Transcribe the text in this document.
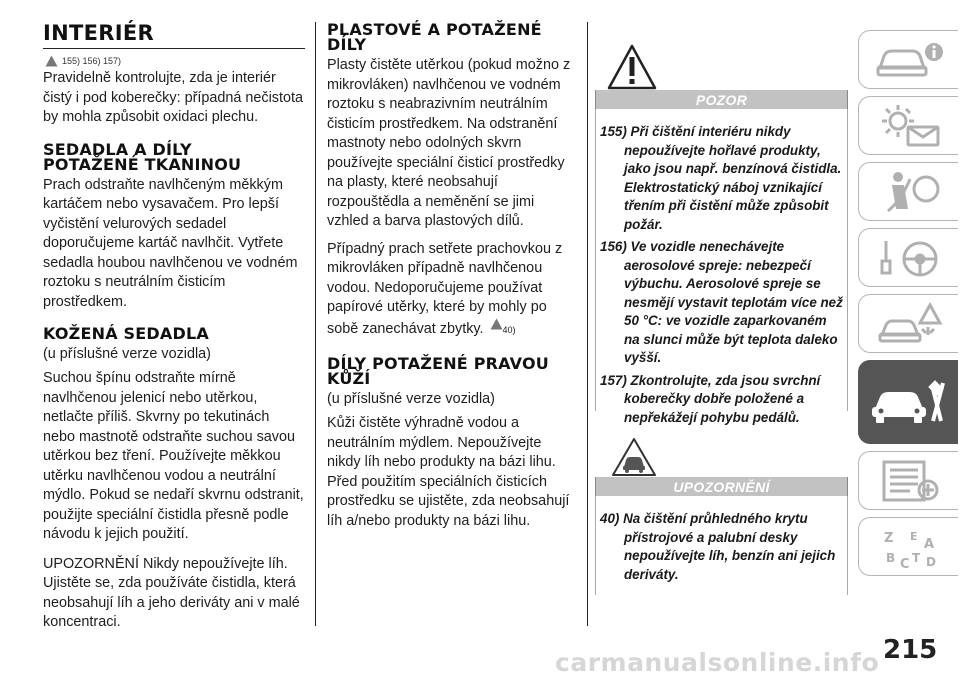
INTERIÉR
155) 156) 157)

Pravidelně kontrolujte, zda je interiér čistý i pod koberečky: případná nečistota by mohla způsobit oxidaci plechu.

SEDADLA A DÍLY
POTAŽENÉ TKANINOU

Prach odstraňte navlhčeným měkkým kartáčem nebo vysavačem. Pro lepší vyčistění velurových sedadel doporučujeme kartáč navlhčit. Vytřete sedadla houbou navlhčenou ve vodném roztoku s neutrálním čisticím prostředkem.

KOŽENÁ SEDADLA

(u příslušné verze vozidla)

Suchou špínu odstraňte mírně navlhčenou jelenicí nebo utěrkou, netlačte příliš. Skvrny po tekutinách nebo mastnotě odstraňte suchou savou utěrkou bez tření. Používejte měkkou utěrku navlhčenou vodou a neutrální mýdlo. Pokud se nedaří skvrnu odstranit, použijte speciální čistidla přesně podle návodu k jejich použití.

UPOZORNĚNÍ Nikdy nepoužívejte líh. Ujistěte se, zda používáte čistidla, která neobsahují líh a jeho deriváty ani v malé koncentraci.

PLASTOVÉ A POTAŽENÉ
DÍLY

Plasty čistěte utěrkou (pokud možno z mikrovláken) navlhčenou ve vodném roztoku s neabrazivním neutrálním čisticím prostředkem. Na odstranění mastnoty nebo odolných skvrn používejte speciální čisticí prostředky na plasty, které neobsahují rozpouštědla a neměnění se jimi vzhled a barva plastových dílů.

Případný prach setřete prachovkou z mikrovláken případně navlhčenou vodou. Nedoporučujeme používat papírové utěrky, které by mohly po sobě zanechávat zbytky. 40)

DÍLY POTAŽENÉ PRAVOU
KŮŽÍ

(u příslušné verze vozidla)

Kůži čistěte výhradně vodou a neutrálním mýdlem. Nepoužívejte nikdy líh nebo produkty na bázi lihu. Před použitím speciálních čisticích prostředku se ujistěte, zda neobsahují líh a/nebo produkty na bázi lihu.

POZOR

155) Při čištění interiéru nikdy nepoužívejte hořlavé produkty, jako jsou např. benzínová čistidla. Elektrostatický náboj vznikající třením při čistění může způsobit požár.

156) Ve vozidle nenechávejte aerosolové spreje: nebezpečí výbuchu. Aerosolové spreje se nesmějí vystavit teplotám více než 50 °C: ve vozidle zaparkovaném na slunci může být teplota daleko vyšší.

157) Zkontrolujte, zda jsou svrchní koberečky dobře položené a nepřekážejí pohybu pedálů.

UPOZORNĚNÍ

40) Na čištění průhledného krytu přístrojové a palubní desky nepoužívejte líh, benzín ani jejich deriváty.

Z E
A
B C T D
215
carmanualsonline.info
